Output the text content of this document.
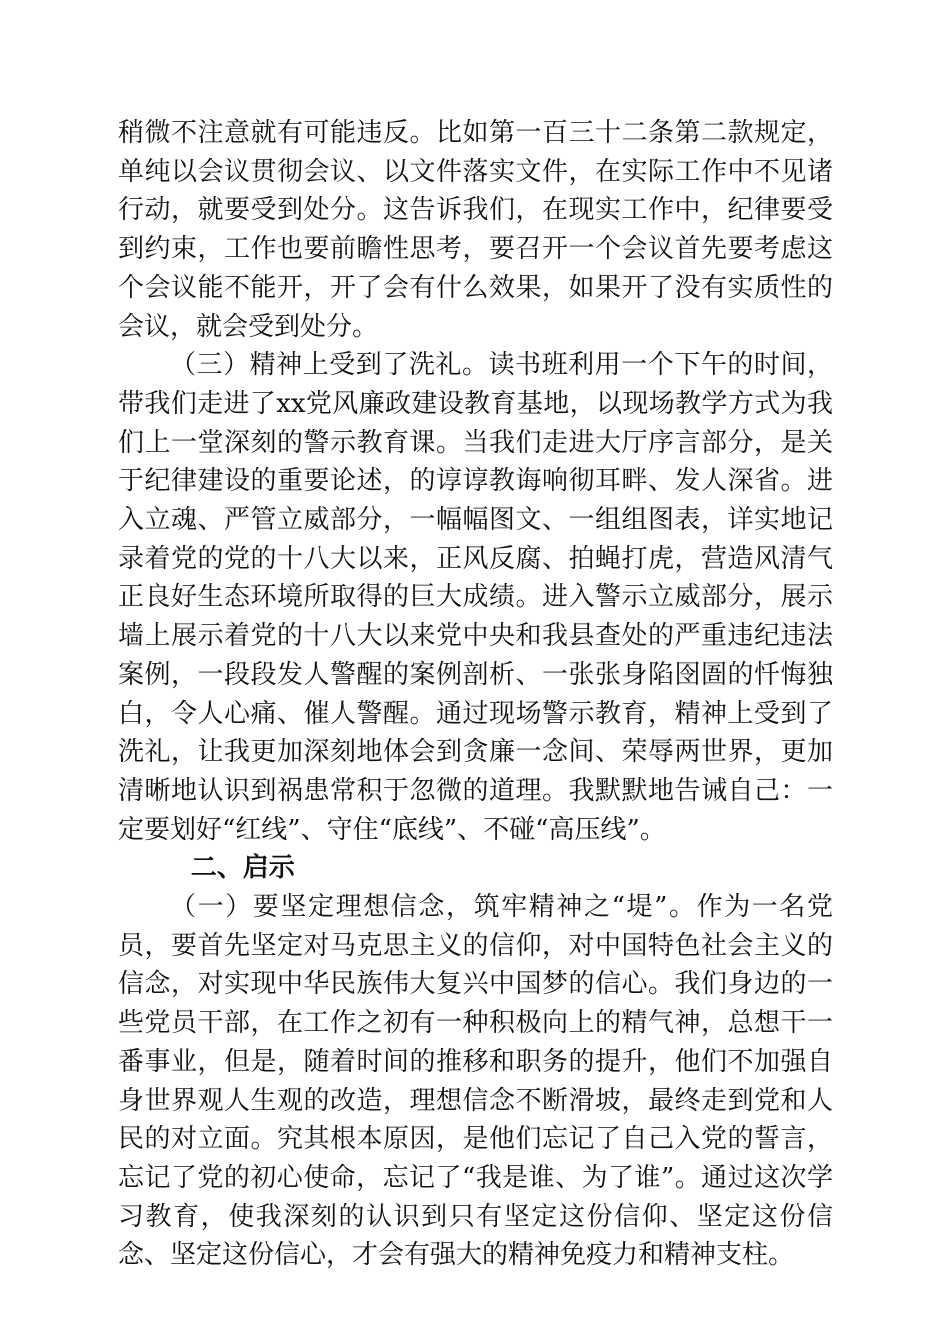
稍微不注意就有可能违反。比如第一百三十二条第二款规定，单纯以会议贯彻会议、以文件落实文件，在实际工作中不见诸行动，就要受到处分。这告诉我们，在现实工作中，纪律要受到约束，工作也要前瞻性思考，要召开一个会议首先要考虑这个会议能不能开，开了会有什么效果，如果开了没有实质性的会议，就会受到处分。

（三）精神上受到了洗礼。读书班利用一个下午的时间，带我们走进了xx党风廉政建设教育基地，以现场教学方式为我们上一堂深刻的警示教育课。当我们走进大厅序言部分，是关于纪律建设的重要论述，的谆谆教诲响彻耳畔、发人深省。进入立魂、严管立威部分，一幅幅图文、一组组图表，详实地记录着党的党的十八大以来，正风反腐、拍蝇打虎，营造风清气正良好生态环境所取得的巨大成绩。进入警示立威部分，展示墙上展示着党的十八大以来党中央和我县查处的严重违纪违法案例，一段段发人警醒的案例剖析、一张张身陷囹圄的忏悔独白，令人心痛、催人警醒。通过现场警示教育，精神上受到了洗礼，让我更加深刻地体会到贪廉一念间、荣辱两世界，更加清晰地认识到祸患常积于忽微的道理。我默默地告诫自己：一定要划好“红线”、守住“底线”、不碰“高压线”。

二、启示

（一）要坚定理想信念，筑牢精神之“堤”。作为一名党员，要首先坚定对马克思主义的信仰，对中国特色社会主义的信念，对实现中华民族伟大复兴中国梦的信心。我们身边的一些党员干部，在工作之初有一种积极向上的精气神，总想干一番事业，但是，随着时间的推移和职务的提升，他们不加强自身世界观人生观的改造，理想信念不断滑坡，最终走到党和人民的对立面。究其根本原因，是他们忘记了自己入党的誓言，忘记了党的初心使命，忘记了“我是谁、为了谁”。通过这次学习教育，使我深刻的认识到只有坚定这份信仰、坚定这份信念、坚定这份信心，才会有强大的精神免疫力和精神支柱。
